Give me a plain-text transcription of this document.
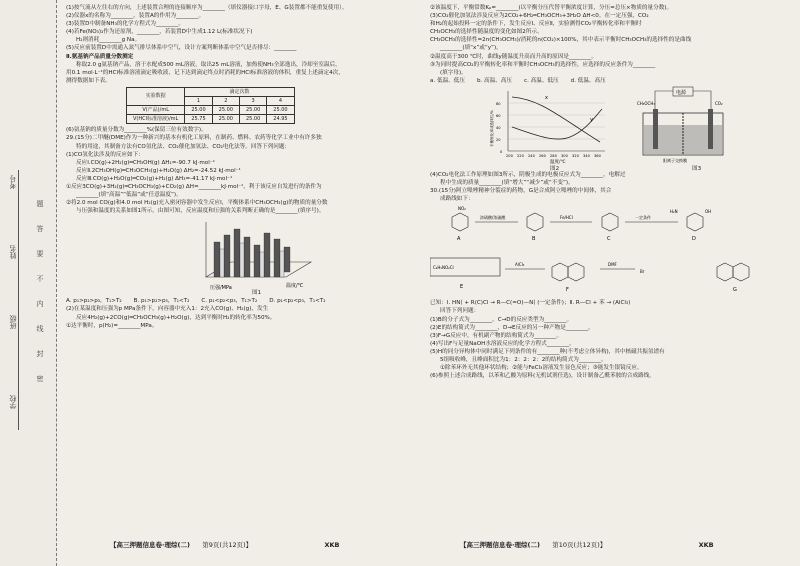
学校
班级
姓名
考号
题
答
要
不
内
线
封
密

(1)按气流从左往右的方向，上述装置合理的连接顺序为________（填仪器接口字母，E、G装置都不能重复使用）。

(2)仪器x的名称为________，装置A的作用为________。

(3)装置D中制备NH₃的化学方程式为________。

(4)若Fe(NO₃)₂作为还原剂，________，若装置D中生成1.12 L(标准状况下)

H₂则消耗________g Na。

(5)反应前装置D中需通入氮气排尽体系中空气，设计方案判断体系中空气是否排尽：________

Ⅱ.氨基钠产品质量分数测定

称取2.0 g氨基钠产品，溶于水配成500 mL溶液，取出25 mL溶液，加热使NH₃全部逸出，冷却至室温后，

用0.1 mol·L⁻¹的HCl标准溶液滴定吸收液，记下达到滴定终点时消耗的HCl标准溶液的体积，重复上述滴定4次，

测得数据如下表。

实验数据	滴定次数			
	1	2	3	4
V(产品)/mL	25.00	25.00	25.00	25.00
V(HCl标准溶液)/mL	25.75	25.00	25.00	24.95

(6)氨基钠的质量分数为________%(保留三位有效数字)。

29.(15分)二甲醚(DME)作为一种新兴的基本有机化工原料，在制药、燃料、农药等化学工业中有许多独

特的用途，其制备方法有CO氢化法、CO₂催化加氢法、CO₂电化法等。回答下列问题：

(1)CO氢化法涉及的反应如下：

反应Ⅰ.CO(g)+2H₂(g)═CH₃OH(g) ΔH₁=-90.7 kJ·mol⁻¹

反应Ⅱ.2CH₃OH(g)═CH₃OCH₃(g)+H₂O(g) ΔH₂=-24.52 kJ·mol⁻¹

反应Ⅲ.CO(g)+H₂O(g)═CO₂(g)+H₂(g) ΔH₃=-41.17 kJ·mol⁻¹

①反应3CO(g)+3H₂(g)═CH₃OCH₃(g)+CO₂(g) ΔH=________kJ·mol⁻¹，利于该反应自发进行的条件为

________(填“高温”“低温”或“任意温度”)。

②将2.0 mol CO(g)和4.0 mol H₂(g)充入密闭容器中发生反应Ⅰ，平衡体系中CH₃OCH₃(g)的物质的量分数

与压强和温度的关系如图1所示。由图可知，反应温度和压强的关系判断正确的是________(填序号)。

温度/℃
压强/MPa
图1
A. p₁>p₂>p₃，T₁>T₂ B. p₁>p₂>p₃，T₁<T₂ C. p₁<p₂<p₃，T₁>T₂ D. p₁<p₂<p₃，T₁<T₂

(2)在某温度和压强为p MPa条件下，向容器中充入1：2充入CO(g)、H₂(g)，发生

反应4H₂(g)+2CO(g)═CH₃OCH₃(g)+H₂O(g)，达到平衡时H₂的转化率为50%。

①达平衡时，p(H₂)=________MPa。

【高三押题信息卷·理综(二) 第9页(共12页)】	XKB

②该温度下，平衡常数Kₚ=________(以平衡分压代替平衡浓度计算，分压=总压×物质的量分数)。

(3)CO₂催化加氢法涉及反应为2CO₂+6H₂═CH₃OCH₃+3H₂O ΔH<0。在一定压强，CO₂

和H₂的起始投料一定的条件下，发生反应Ⅰ、反应Ⅱ，实验测得CO₂平衡转化率和平衡时

CH₃OCH₃的选择性随温度的变化如图2所示。

CH₃OCH₃的选择性=2n(CH₃OCH₃)/消耗的n(CO₂)×100%，其中表示平衡时CH₃OCH₃的选择性的是曲线

________(填“x”或“y”)。

②温度高于300 ℃时，曲线y随温度升高而升高的原因是________。

③为同时提高CO₂的平衡转化率和平衡时CH₃OCH₃的选择性，应选择的反应条件为________

(填字母)。

a. 低温、低压 b. 高温、高压 c. 高温、低压 d. 低温、高压
x
y
80
60
40
20
0
200 220 240 260 280 300 320 340 360
温度/℃
平衡转化率或选择性/%
图2
电源
CH₃OCH₃	CO₂
阳离子交换膜
图3

(4)CO₂电化法工作原理如图3所示，阴极生成的电极反应式为________，电解过

程中生成的质量________(填“增大”“减少”或“不变”)。

30.(15分)阿立哌唑精神分裂症的药物，G是合成阿立哌唑的中间体，其合

成路线如下：

A	B	C	D
E	F	G
NO₂
浓硝酸/浓硫酸	Fe/HCl
H₂N	OH
C₂H₅NO₂Cl
一定条件
AlCl₃
Br
DMF

已知：Ⅰ. HN⟨ + R(C)Cl → R—C(=O)—N⟨ (一定条件)；Ⅱ. R—Cl + 苯 → (AlCl₃)

回答下列问题：

(1)B的分子式为________，C→D的反应类型为________。

(2)E的结构简式为________，D→E反应的另一种产物是________。

(3)F→G反应中，有机副产物的结构简式为________。

(4)写出F与足量NaOH水溶液反应的化学方程式________。

(5)H的同分异构体中同时满足下列条件的有________种(不考虑立体异构)，其中核磁共振氢谱有

5组吸收峰，且峰面积比为1：2：2：2：2的结构简式为________。

①除苯环外无其他环状结构；②能与FeCl₃溶液发生显色反应；③能发生银镜反应。

(6)参照上述合成路线，以苯和乙酸为原料(无机试剂任选)，设计制备乙酰苯胺的合成路线。

【高三押题信息卷·理综(二) 第10页(共12页)】	XKB
